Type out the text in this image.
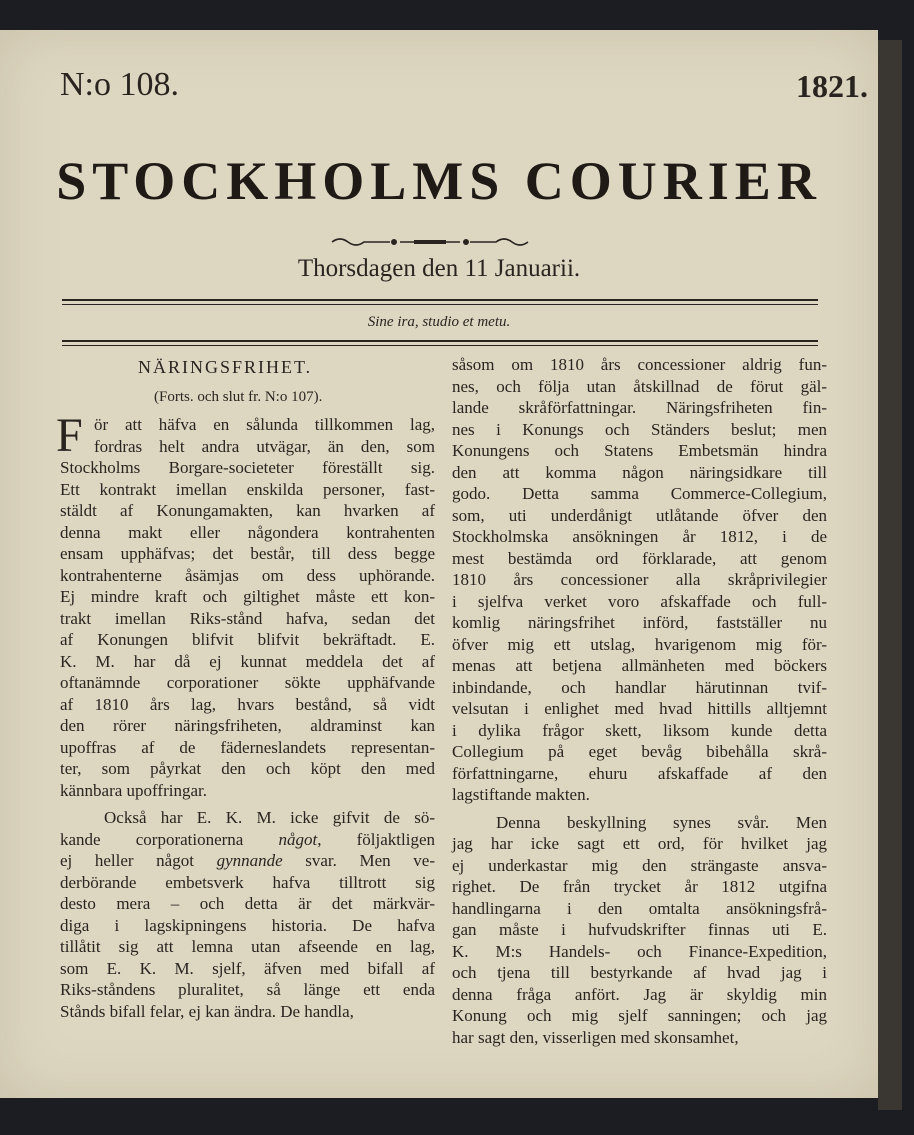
N:o 108.	1821.
STOCKHOLMS COURIER
Thorsdagen den 11 Januarii.
Sine ira, studio et metu.
NÄRINGSFRIHET.
(Forts. och slut fr. N:o 107).
F ör att häfva en sålunda tillkommen lag,
fordras helt andra utvägar, än den, som
Stockholms Borgare-societeter föreställt sig.
Ett kontrakt imellan enskilda personer, fast-
stäldt af Konungamakten, kan hvarken af
denna makt eller någondera kontrahenten
ensam upphäfvas; det består, till dess begge
kontrahenterne åsämjas om dess uphörande.
Ej mindre kraft och giltighet måste ett kon-
trakt imellan Riks-stånd hafva, sedan det
af Konungen blifvit blifvit bekräftadt. E.
K. M. har då ej kunnat meddela det af
oftanämnde corporationer sökte upphäfvande
af 1810 års lag, hvars bestånd, så vidt
den rörer näringsfriheten, aldraminst kan
upoffras af de fäderneslandets representan-
ter, som påyrkat den och köpt den med
kännbara upoffringar.
Också har E. K. M. icke gifvit de sö-
kande corporationerna något, följaktligen
ej heller något gynnande svar. Men ve-
derbörande embetsverk hafva tilltrott sig
desto mera – och detta är det märkvär-
diga i lagskipningens historia. De hafva
tillåtit sig att lemna utan afseende en lag,
som E. K. M. sjelf, äfven med bifall af
Riks-ståndens pluralitet, så länge ett enda
Stånds bifall felar, ej kan ändra. De handla,
såsom om 1810 års concessioner aldrig fun-
nes, och följa utan åtskillnad de förut gäl-
lande skråförfattningar. Näringsfriheten fin-
nes i Konungs och Ständers beslut; men
Konungens och Statens Embetsmän hindra
den att komma någon näringsidkare till
godo. Detta samma Commerce-Collegium,
som, uti underdånigt utlåtande öfver den
Stockholmska ansökningen år 1812, i de
mest bestämda ord förklarade, att genom
1810 års concessioner alla skråprivilegier
i sjelfva verket voro afskaffade och full-
komlig näringsfrihet införd, fastställer nu
öfver mig ett utslag, hvarigenom mig för-
menas att betjena allmänheten med böckers
inbindande, och handlar härutinnan tvif-
velsutan i enlighet med hvad hittills alltjemnt
i dylika frågor skett, liksom kunde detta
Collegium på eget bevåg bibehålla skrå-
författningarne, ehuru afskaffade af den
lagstiftande makten.
Denna beskyllning synes svår. Men
jag har icke sagt ett ord, för hvilket jag
ej underkastar mig den strängaste ansva-
righet. De från trycket år 1812 utgifna
handlingarna i den omtalta ansökningsfrå-
gan måste i hufvudskrifter finnas uti E.
K. M:s Handels- och Finance-Expedition,
och tjena till bestyrkande af hvad jag i
denna fråga anfört. Jag är skyldig min
Konung och mig sjelf sanningen; och jag
har sagt den, visserligen med skonsamhet,
